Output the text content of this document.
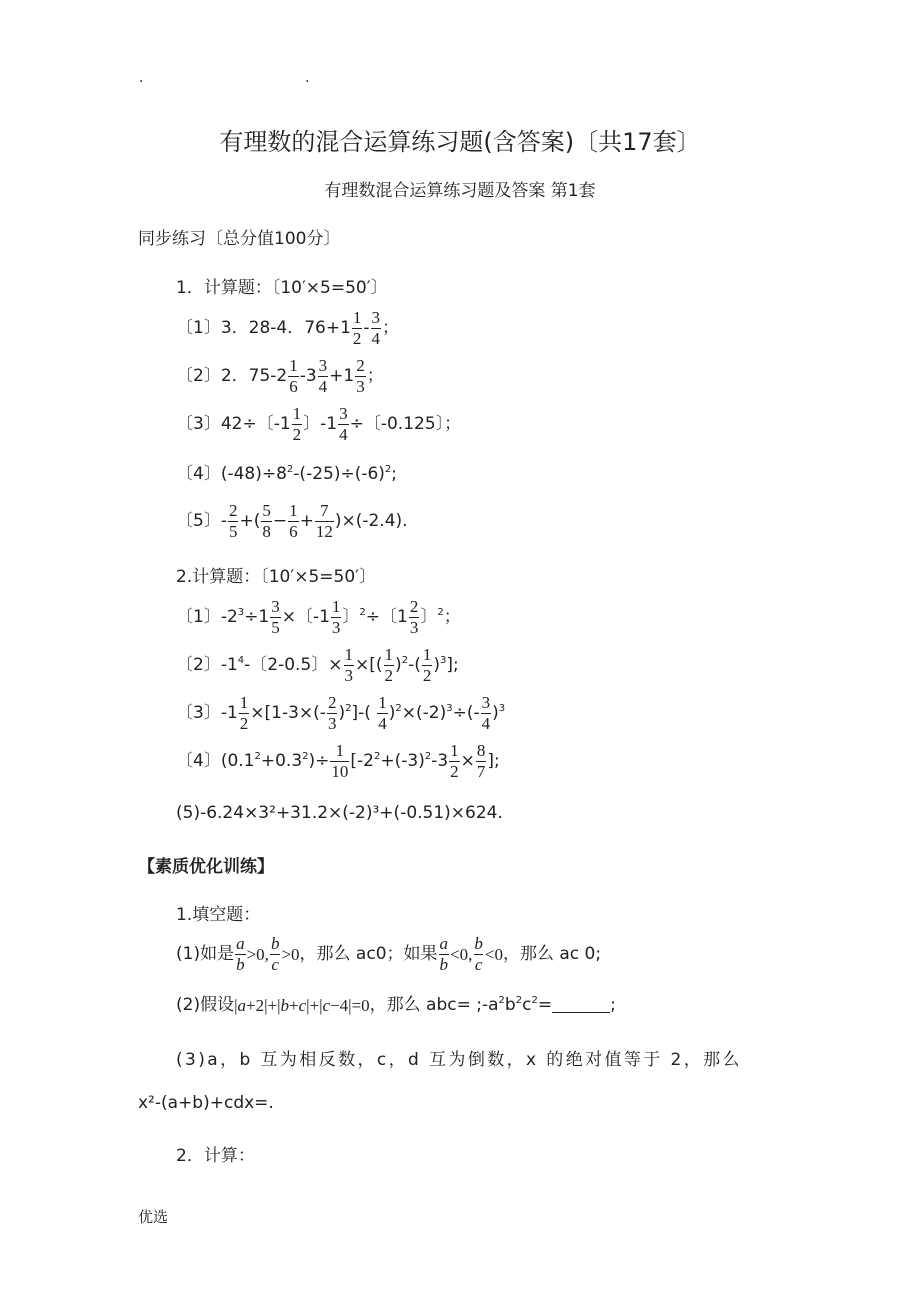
.	.
有理数的混合运算练习题(含答案)〔共17套〕
有理数混合运算练习题及答案 第1套
同步练习〔总分值100分〕
1．计算题：〔10′×5=50′〕
〔1〕3．28-4．$76+1 \frac{1}{2} - \frac{3}{4}$ ；
〔2〕2．$75-2 \frac{1}{6} -3 \frac{3}{4} +1 \frac{2}{3}$ ；
〔3〕42÷〔$-1 \frac{1}{2}$ 〕$-1 \frac{3}{4}$ ÷〔-0.125〕；
〔4〕$(-48)\div 8^2-(-25)\div(-6)^2$;
〔5〕- $\frac{2}{5}$ +( $\frac{5}{8} - \frac{1}{6} + \frac{7}{12} )\times(-2.4)$.
2.计算题：〔10′×5=50′〕
〔1〕$-2^3\div 1 \frac{3}{5}$ ×〔$-1 \frac{1}{3}$ 〕$^2$÷〔$1 \frac{2}{3}$ 〕$^2$；
〔2〕$-1^4-$〔2-0.5〕× $\frac{1}{3}$ ×[( $\frac{1}{2} )^2-( \frac{1}{2} )^3$];
〔3〕$-1 \frac{1}{2} \times[1-3\times(- \frac{2}{3} )^2]-( \frac{1}{4} )^2\times(-2)^3\div(- \frac{3}{4} )^3$
〔4〕$(0.1^2+0.3^2)\div \frac{1}{10} [-2^2+(-3)^2-3 \frac{1}{2} \times \frac{8}{7}$ ];
(5)-6.24×3²+31.2×(-2)³+(-0.51)×624.
【素质优化训练】
1.填空题：
(1)如是 $\frac{a}{b} >0$, $\frac{b}{c} >0$ ，那么 ac0；如果 $\frac{a}{b} <0$, $\frac{b}{c} <0$ ，那么 ac 0;
(2)假设 |a+2|+|b+c|+|c−4|=0 ，那么 $abc= ;-a^2b^2c^2=$	;
(3)a，b 互为相反数，c，d 互为倒数，x 的绝对值等于 2，那么
x²-(a+b)+cdx=.
2．计算：
优选
